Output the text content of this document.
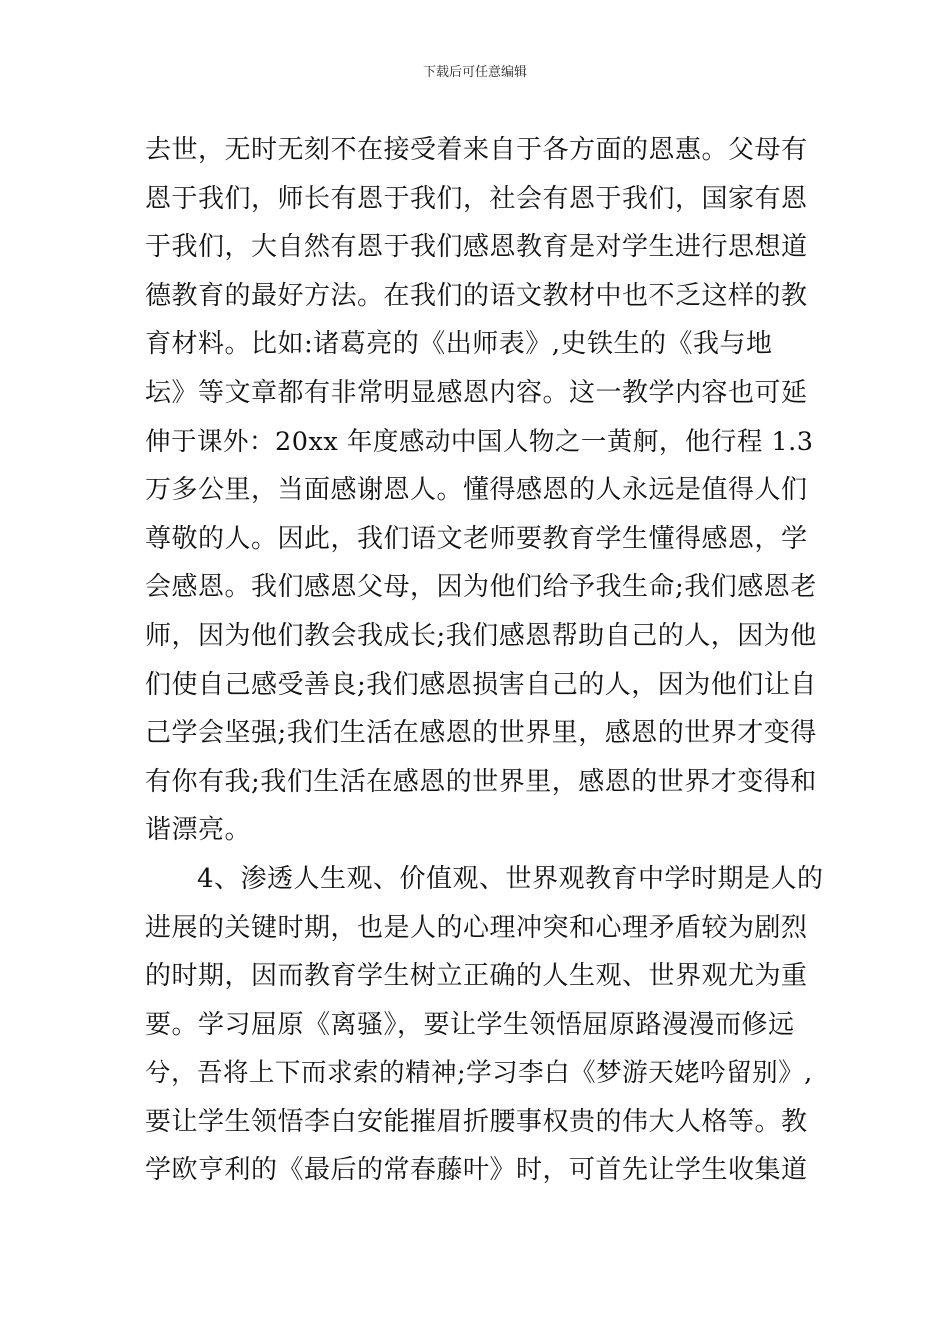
下载后可任意编辑
去世，无时无刻不在接受着来自于各方面的恩惠。父母有
恩于我们，师长有恩于我们，社会有恩于我们，国家有恩
于我们，大自然有恩于我们感恩教育是对学生进行思想道
德教育的最好方法。在我们的语文教材中也不乏这样的教
育材料。比如:诸葛亮的《出师表》,史铁生的《我与地
坛》等文章都有非常明显感恩内容。这一教学内容也可延
伸于课外：20xx 年度感动中国人物之一黄舸，他行程 1.3
万多公里，当面感谢恩人。懂得感恩的人永远是值得人们
尊敬的人。因此，我们语文老师要教育学生懂得感恩，学
会感恩。我们感恩父母，因为他们给予我生命;我们感恩老
师，因为他们教会我成长;我们感恩帮助自己的人，因为他
们使自己感受善良;我们感恩损害自己的人，因为他们让自
己学会坚强;我们生活在感恩的世界里，感恩的世界才变得
有你有我;我们生活在感恩的世界里，感恩的世界才变得和
谐漂亮。
4、渗透人生观、价值观、世界观教育中学时期是人的
进展的关键时期，也是人的心理冲突和心理矛盾较为剧烈
的时期，因而教育学生树立正确的人生观、世界观尤为重
要。学习屈原《离骚》，要让学生领悟屈原路漫漫而修远
兮，吾将上下而求索的精神;学习李白《梦游天姥吟留别》,
要让学生领悟李白安能摧眉折腰事权贵的伟大人格等。教
学欧亨利的《最后的常春藤叶》时，可首先让学生收集道
